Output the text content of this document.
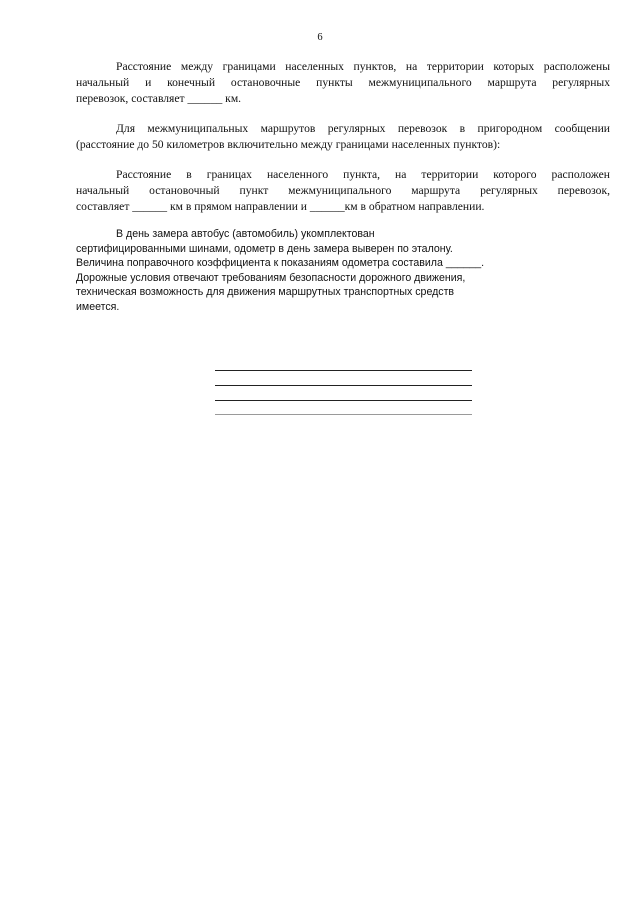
6
Расстояние между границами населенных пунктов, на территории которых расположены
начальный и конечный остановочные пункты межмуниципального маршрута регулярных
перевозок, составляет ______ км.
Для межмуниципальных маршрутов регулярных перевозок в пригородном сообщении
(расстояние до 50 километров включительно между границами населенных пунктов):
Расстояние в границах населенного пункта, на территории которого расположен
начальный остановочный пункт межмуниципального маршрута регулярных перевозок,
составляет ______ км в прямом направлении и ______км в обратном направлении.
В день замера автобус (автомобиль) укомплектован
сертифицированными шинами, одометр в день замера выверен по эталону.
Величина поправочного коэффициента к показаниям одометра составила ______.
Дорожные условия отвечают требованиям безопасности дорожного движения,
техническая возможность для движения маршрутных транспортных средств
имеется.
